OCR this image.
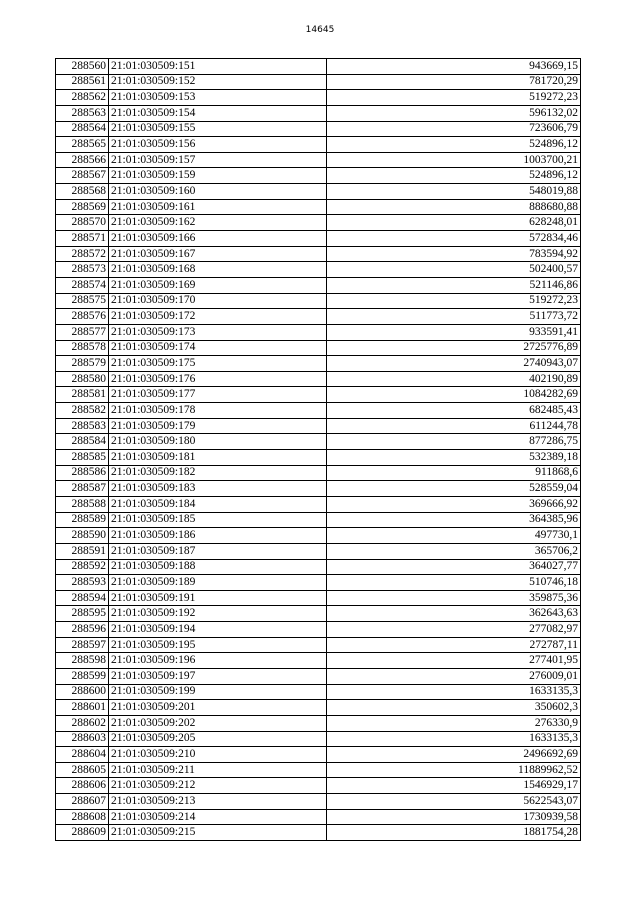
14645
288560	21:01:030509:151	943669,15
288561	21:01:030509:152	781720,29
288562	21:01:030509:153	519272,23
288563	21:01:030509:154	596132,02
288564	21:01:030509:155	723606,79
288565	21:01:030509:156	524896,12
288566	21:01:030509:157	1003700,21
288567	21:01:030509:159	524896,12
288568	21:01:030509:160	548019,88
288569	21:01:030509:161	888680,88
288570	21:01:030509:162	628248,01
288571	21:01:030509:166	572834,46
288572	21:01:030509:167	783594,92
288573	21:01:030509:168	502400,57
288574	21:01:030509:169	521146,86
288575	21:01:030509:170	519272,23
288576	21:01:030509:172	511773,72
288577	21:01:030509:173	933591,41
288578	21:01:030509:174	2725776,89
288579	21:01:030509:175	2740943,07
288580	21:01:030509:176	402190,89
288581	21:01:030509:177	1084282,69
288582	21:01:030509:178	682485,43
288583	21:01:030509:179	611244,78
288584	21:01:030509:180	877286,75
288585	21:01:030509:181	532389,18
288586	21:01:030509:182	911868,6
288587	21:01:030509:183	528559,04
288588	21:01:030509:184	369666,92
288589	21:01:030509:185	364385,96
288590	21:01:030509:186	497730,1
288591	21:01:030509:187	365706,2
288592	21:01:030509:188	364027,77
288593	21:01:030509:189	510746,18
288594	21:01:030509:191	359875,36
288595	21:01:030509:192	362643,63
288596	21:01:030509:194	277082,97
288597	21:01:030509:195	272787,11
288598	21:01:030509:196	277401,95
288599	21:01:030509:197	276009,01
288600	21:01:030509:199	1633135,3
288601	21:01:030509:201	350602,3
288602	21:01:030509:202	276330,9
288603	21:01:030509:205	1633135,3
288604	21:01:030509:210	2496692,69
288605	21:01:030509:211	11889962,52
288606	21:01:030509:212	1546929,17
288607	21:01:030509:213	5622543,07
288608	21:01:030509:214	1730939,58
288609	21:01:030509:215	1881754,28
